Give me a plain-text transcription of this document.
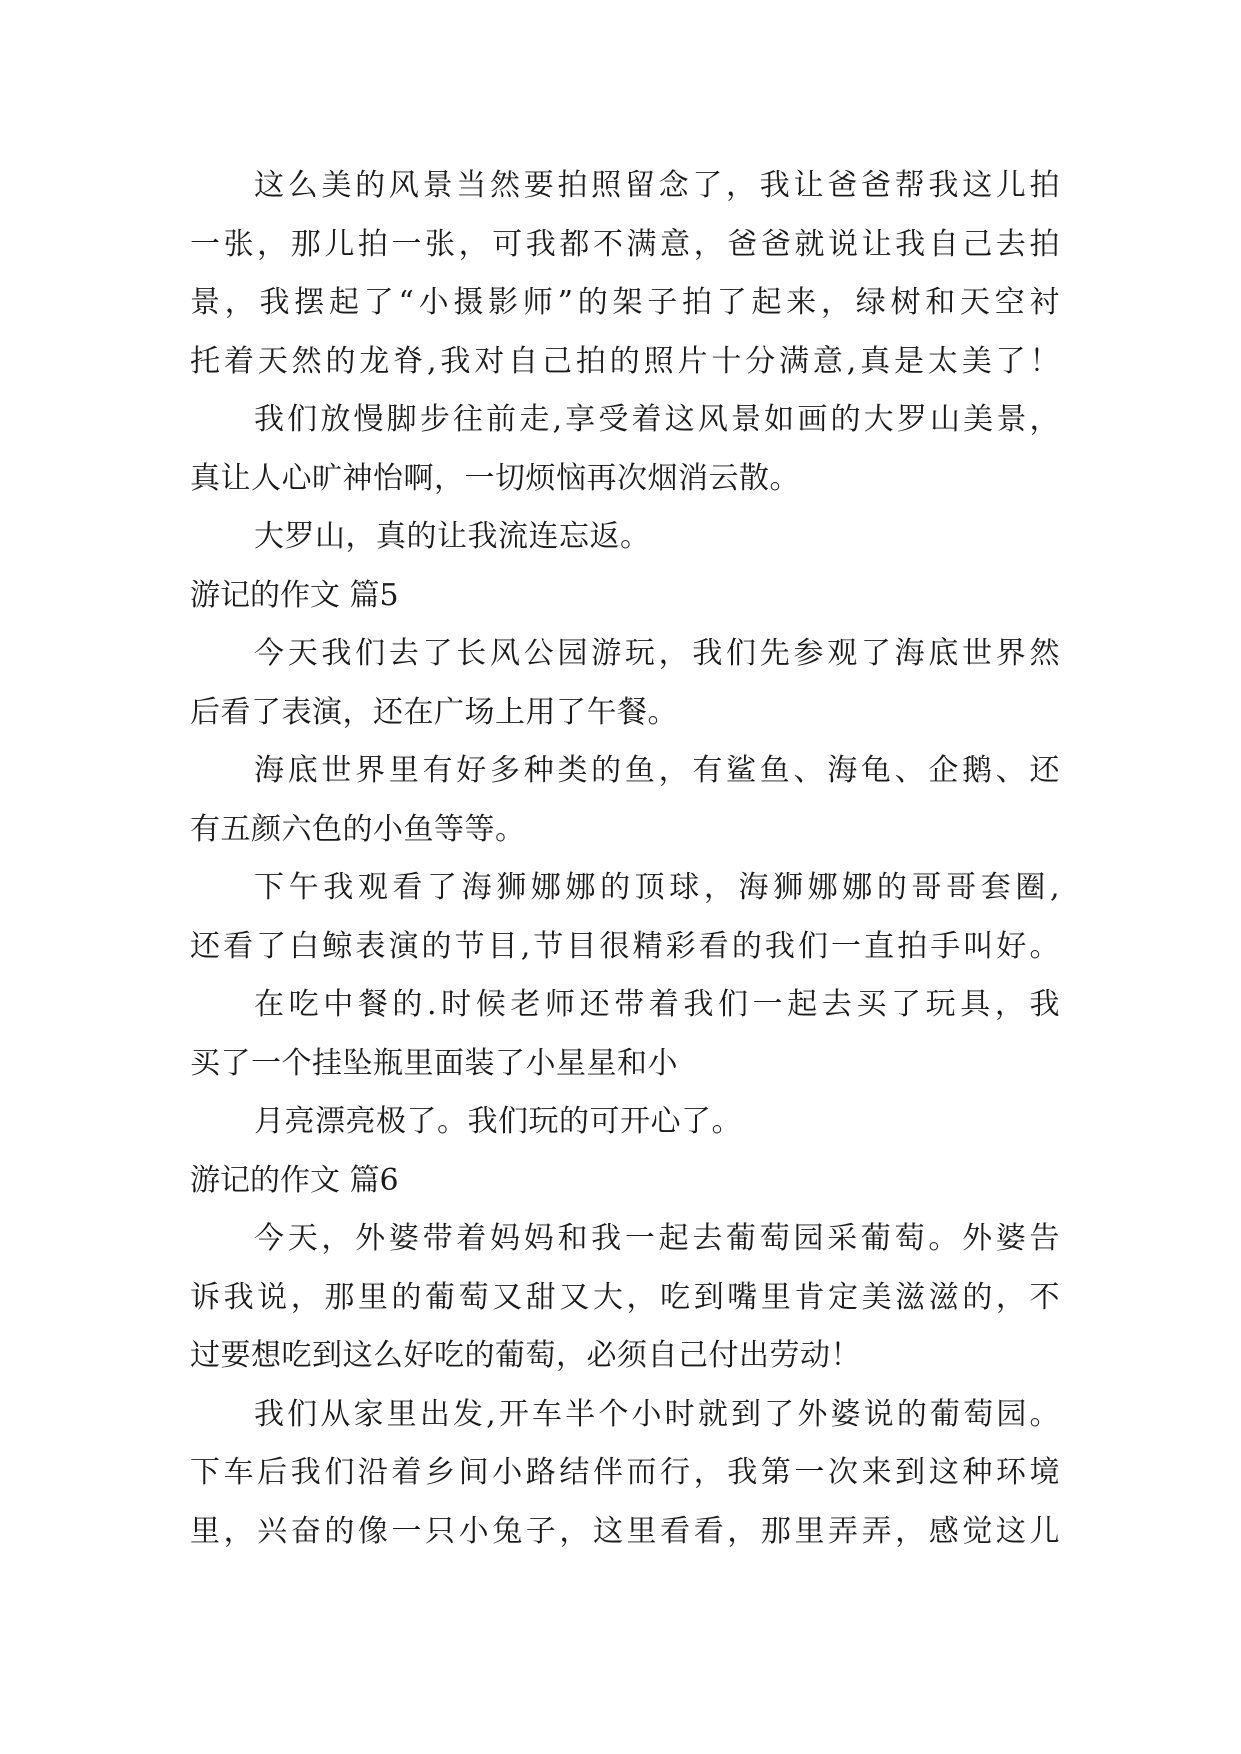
这么美的风景当然要拍照留念了，我让爸爸帮我这儿拍
一张，那儿拍一张，可我都不满意，爸爸就说让我自己去拍
景，我摆起了“小摄影师”的架子拍了起来，绿树和天空衬
托着天然的龙脊,我对自己拍的照片十分满意,真是太美了！
我们放慢脚步往前走,享受着这风景如画的大罗山美景，
真让人心旷神怡啊，一切烦恼再次烟消云散。
大罗山，真的让我流连忘返。
游记的作文 篇5
今天我们去了长风公园游玩，我们先参观了海底世界然
后看了表演，还在广场上用了午餐。
海底世界里有好多种类的鱼，有鲨鱼、海龟、企鹅、还
有五颜六色的小鱼等等。
下午我观看了海狮娜娜的顶球，海狮娜娜的哥哥套圈,
还看了白鲸表演的节目,节目很精彩看的我们一直拍手叫好。
在吃中餐的.时候老师还带着我们一起去买了玩具，我
买了一个挂坠瓶里面装了小星星和小
月亮漂亮极了。我们玩的可开心了。
游记的作文 篇6
今天，外婆带着妈妈和我一起去葡萄园采葡萄。外婆告
诉我说，那里的葡萄又甜又大，吃到嘴里肯定美滋滋的，不
过要想吃到这么好吃的葡萄，必须自己付出劳动！
我们从家里出发,开车半个小时就到了外婆说的葡萄园。
下车后我们沿着乡间小路结伴而行，我第一次来到这种环境
里，兴奋的像一只小兔子，这里看看，那里弄弄，感觉这儿
